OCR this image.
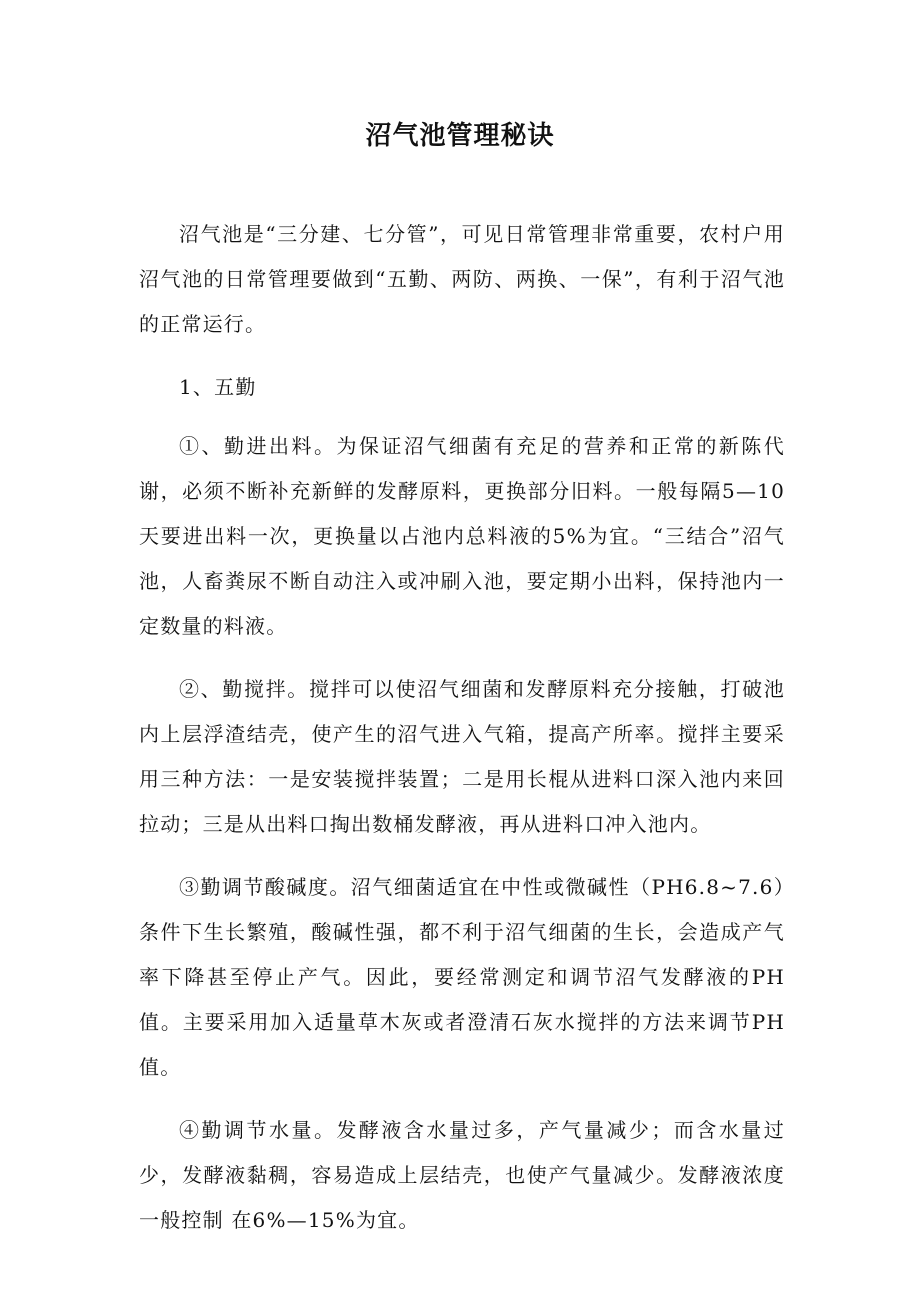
沼气池管理秘诀

沼气池是“三分建、七分管”，可见日常管理非常重要，农村户用沼气池的日常管理要做到“五勤、两防、两换、一保”，有利于沼气池的正常运行。

1、五勤

①、勤进出料。为保证沼气细菌有充足的营养和正常的新陈代谢，必须不断补充新鲜的发酵原料，更换部分旧料。一般每隔5—10天要进出料一次，更换量以占池内总料液的5%为宜。“三结合”沼气池，人畜粪尿不断自动注入或冲刷入池，要定期小出料，保持池内一定数量的料液。

②、勤搅拌。搅拌可以使沼气细菌和发酵原料充分接触，打破池内上层浮渣结壳，使产生的沼气进入气箱，提高产所率。搅拌主要采用三种方法：一是安装搅拌装置；二是用长棍从进料口深入池内来回拉动；三是从出料口掏出数桶发酵液，再从进料口冲入池内。

③勤调节酸碱度。沼气细菌适宜在中性或微碱性（PH6.8~7.6）条件下生长繁殖，酸碱性强，都不利于沼气细菌的生长，会造成产气率下降甚至停止产气。因此，要经常测定和调节沼气发酵液的PH值。主要采用加入适量草木灰或者澄清石灰水搅拌的方法来调节PH值。

④勤调节水量。发酵液含水量过多，产气量减少；而含水量过少，发酵液黏稠，容易造成上层结壳，也使产气量减少。发酵液浓度一般控制 在6%—15%为宜。
